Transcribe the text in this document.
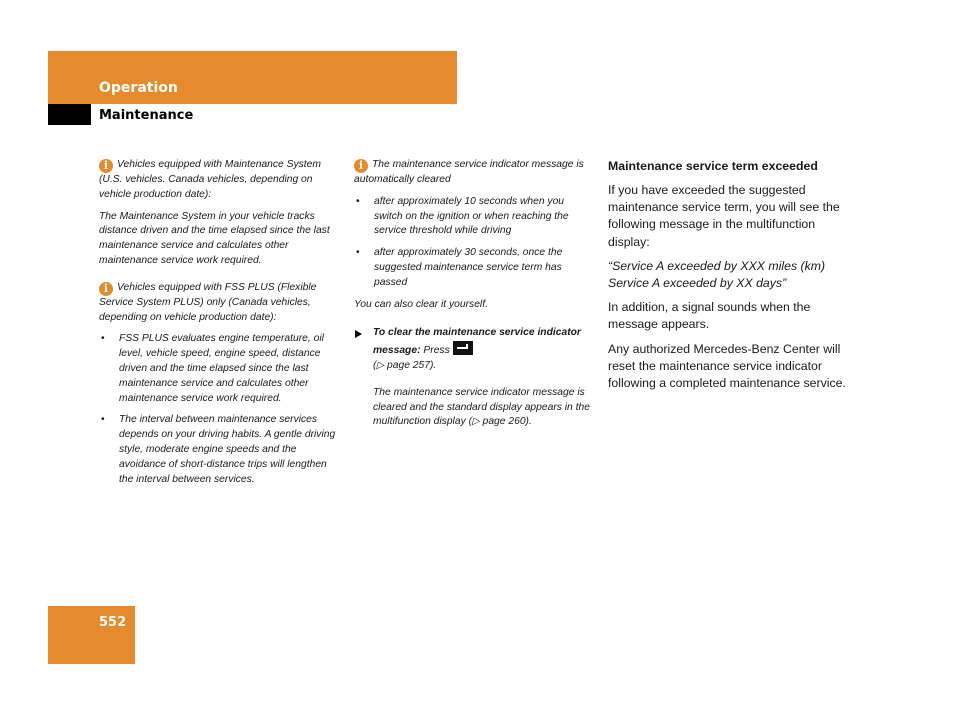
Operation
Maintenance

i Vehicles equipped with Maintenance System (U.S. vehicles. Canada vehicles, depending on vehicle production date):

The Maintenance System in your vehicle tracks distance driven and the time elapsed since the last maintenance service and calculates other maintenance service work required.

i Vehicles equipped with FSS PLUS (Flexible Service System PLUS) only (Canada vehicles, depending on vehicle production date):

• FSS PLUS evaluates engine temperature, oil level, vehicle speed, engine speed, distance driven and the time elapsed since the last maintenance service and calculates other maintenance service work required.
• The interval between maintenance services depends on your driving habits. A gentle driving style, moderate engine speeds and the avoidance of short-distance trips will lengthen the interval between services.

i The maintenance service indicator message is automatically cleared

• after approximately 10 seconds when you switch on the ignition or when reaching the service threshold while driving
• after approximately 30 seconds, once the suggested maintenance service term has passed

You can also clear it yourself.

To clear the maintenance service indicator message: Press
(▷ page 257).

The maintenance service indicator message is cleared and the standard display appears in the multifunction display (▷ page 260).

Maintenance service term exceeded

If you have exceeded the suggested maintenance service term, you will see the following message in the multifunction display:

“Service A exceeded by XXX miles (km)
Service A exceeded by XX days”

In addition, a signal sounds when the message appears.

Any authorized Mercedes-Benz Center will reset the maintenance service indicator following a completed maintenance service.

552
